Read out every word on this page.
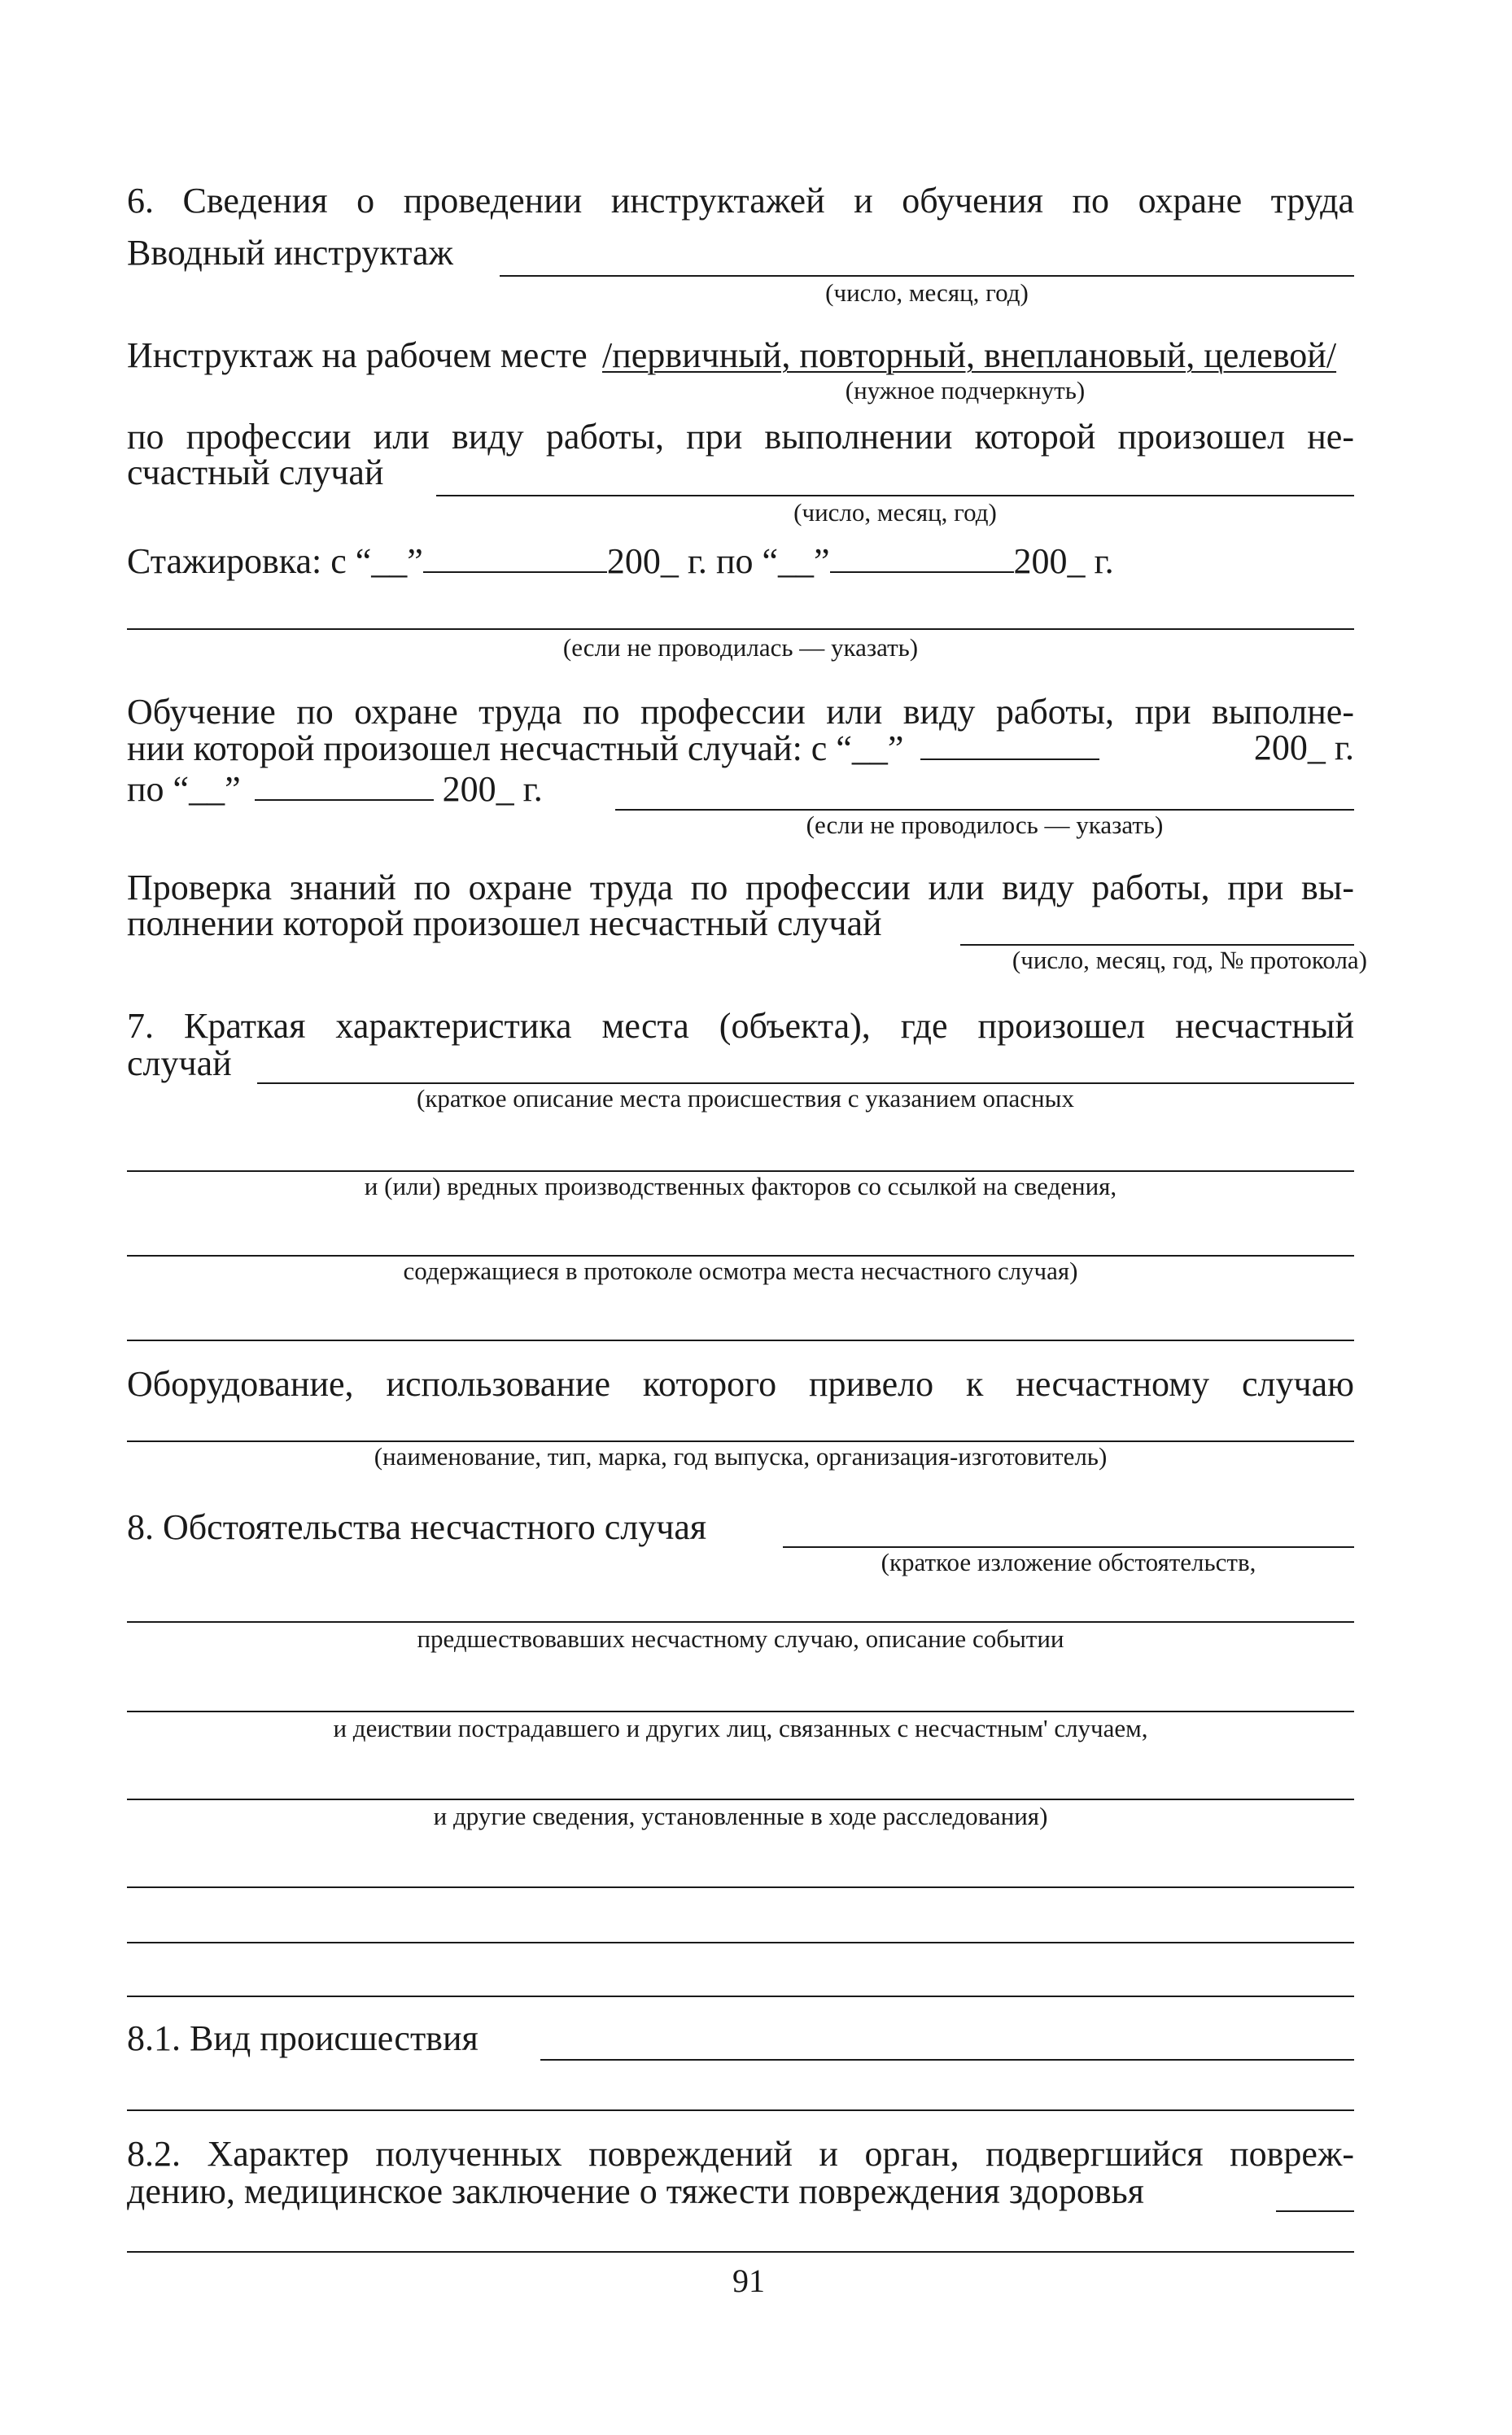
6. Сведения о проведении инструктажей и обучения по охране труда
Вводный инструктаж
(число, месяц, год)
Инструктаж на рабочем месте /первичный, повторный, внеплановый, целевой/
(нужное подчеркнуть)
по профессии или виду работы, при выполнении которой произошел не-
счастный случай
(число, месяц, год)
Стажировка: с “__”	200_ г. по “__”	200_ г.
(если не проводилась — указать)
Обучение по охране труда по профессии или виду работы, при выполне-
нии которой произошел несчастный случай: с “__”	200_ г.
по “__”	200_ г.
(если не проводилось — указать)
Проверка знаний по охране труда по профессии или виду работы, при вы-
полнении которой произошел несчастный случай
(число, месяц, год, № протокола)
7. Краткая характеристика места (объекта), где произошел несчастный
случай
(краткое описание места происшествия с указанием опасных
и (или) вредных производственных факторов со ссылкой на сведения,
содержащиеся в протоколе осмотра места несчастного случая)
Оборудование, использование которого привело к несчастному случаю
(наименование, тип, марка, год выпуска, организация-изготовитель)
8. Обстоятельства несчастного случая
(краткое изложение обстоятельств,
предшествовавших несчастному случаю, описание событии
и деиствии пострадавшего и других лиц, связанных с несчастным' случаем,
и другие сведения, установленные в ходе расследования)
8.1. Вид происшествия
8.2. Характер полученных повреждений и орган, подвергшийся повреж-
дению, медицинское заключение о тяжести повреждения здоровья
91
